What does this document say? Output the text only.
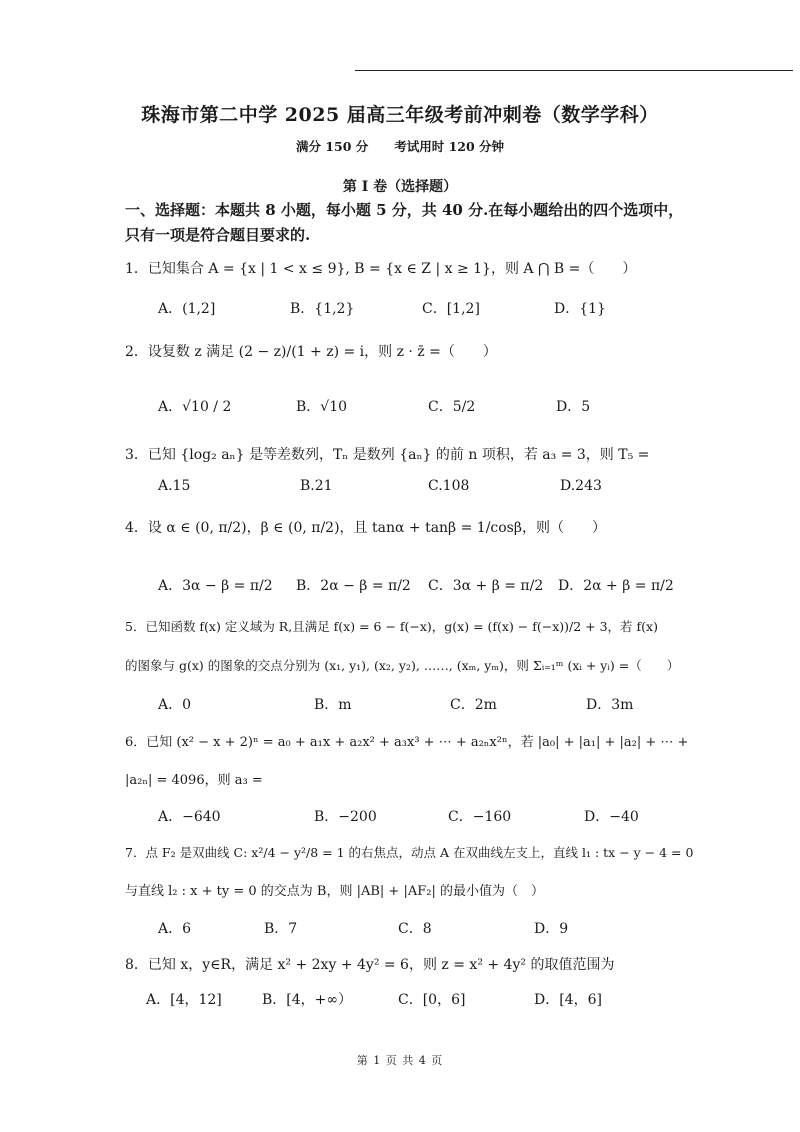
珠海市第二中学 2025 届高三年级考前冲刺卷（数学学科）
满分 150 分 考试用时 120 分钟
第 I 卷（选择题）
一、选择题：本题共 8 小题，每小题 5 分，共 40 分.在每小题给出的四个选项中，只有一项是符合题目要求的.
1．已知集合 A = {x | 1 < x ≤ 9}, B = {x ∈ Z | x ≥ 1}，则 A ⋂ B =（　　）
A．(1,2]	B．{1,2}	C．[1,2]	D．{1}
2．设复数 z 满足 (2 − z)/(1 + z) = i，则 z · z̄ =（　　）
A．√10 / 2	B．√10	C．5/2	D．5
3．已知 {log₂ aₙ} 是等差数列，Tₙ 是数列 {aₙ} 的前 n 项积，若 a₃ = 3，则 T₅ =
A.15	B.21	C.108	D.243
4．设 α ∈ (0, π/2)，β ∈ (0, π/2)，且 tanα + tanβ = 1/cosβ，则（　　）
A．3α − β = π/2 B．2α − β = π/2 C．3α + β = π/2 D．2α + β = π/2
5．已知函数 f(x) 定义域为 R,且满足 f(x) = 6 − f(−x)，g(x) = (f(x) − f(−x))/2 + 3，若 f(x)
的图象与 g(x) 的图象的交点分别为 (x₁, y₁), (x₂, y₂), ……, (xₘ, yₘ)，则 Σᵢ₌₁ᵐ (xᵢ + yᵢ) =（　　）
A．0	B．m	C．2m	D．3m
6．已知 (x² − x + 2)ⁿ = a₀ + a₁x + a₂x² + a₃x³ + ⋯ + a₂ₙx²ⁿ，若 |a₀| + |a₁| + |a₂| + ⋯ +
|a₂ₙ| = 4096，则 a₃ =
A．−640	B．−200	C．−160	D．−40
7．点 F₂ 是双曲线 C: x²/4 − y²/8 = 1 的右焦点，动点 A 在双曲线左支上，直线 l₁ : tx − y − 4 = 0
与直线 l₂ : x + ty = 0 的交点为 B，则 |AB| + |AF₂| 的最小值为（　）
A．6	B．7	C．8	D．9
8．已知 x，y∈R，满足 x² + 2xy + 4y² = 6，则 z = x² + 4y² 的取值范围为
A．[4，12]	B．[4，+∞）	C．[0，6]	D．[4，6]
第 1 页 共 4 页
